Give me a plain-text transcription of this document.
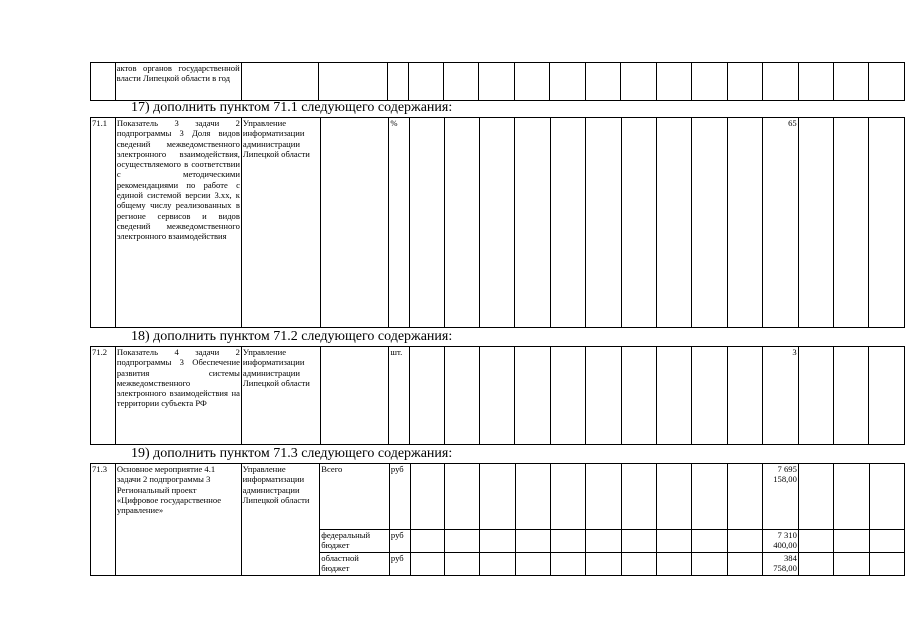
	актов органов государственной власти Липецкой области в год																	
17) дополнить пунктом 71.1 следующего содержания:
71.1	Показатель 3 задачи 2 подпрограммы 3 Доля видов сведений межведомственного электронного взаимодействия, осуществляемого в соответствии с методическими рекомендациями по работе с единой системой версии 3.хх, к общему числу реализованных в регионе сервисов и видов сведений межведомственного электронного взаимодействия	Управление информатизации администрации Липецкой области		%											65			
18) дополнить пунктом 71.2 следующего содержания:
71.2	Показатель 4 задачи 2 подпрограммы 3 Обеспечение развития системы межведомственного электронного взаимодействия на территории субъекта РФ	Управление информатизации администрации Липецкой области		шт.											3			
19) дополнить пунктом 71.3 следующего содержания:
71.3	Основное мероприятие 4.1 задачи 2 подпрограммы 3 Региональный проект «Цифровое государственное управление»	Управление информатизации администрации Липецкой области	Всего	руб											7 695 158,00			
			федеральный бюджет	руб											7 310 400,00			
			областной бюджет	руб											384 758,00			
